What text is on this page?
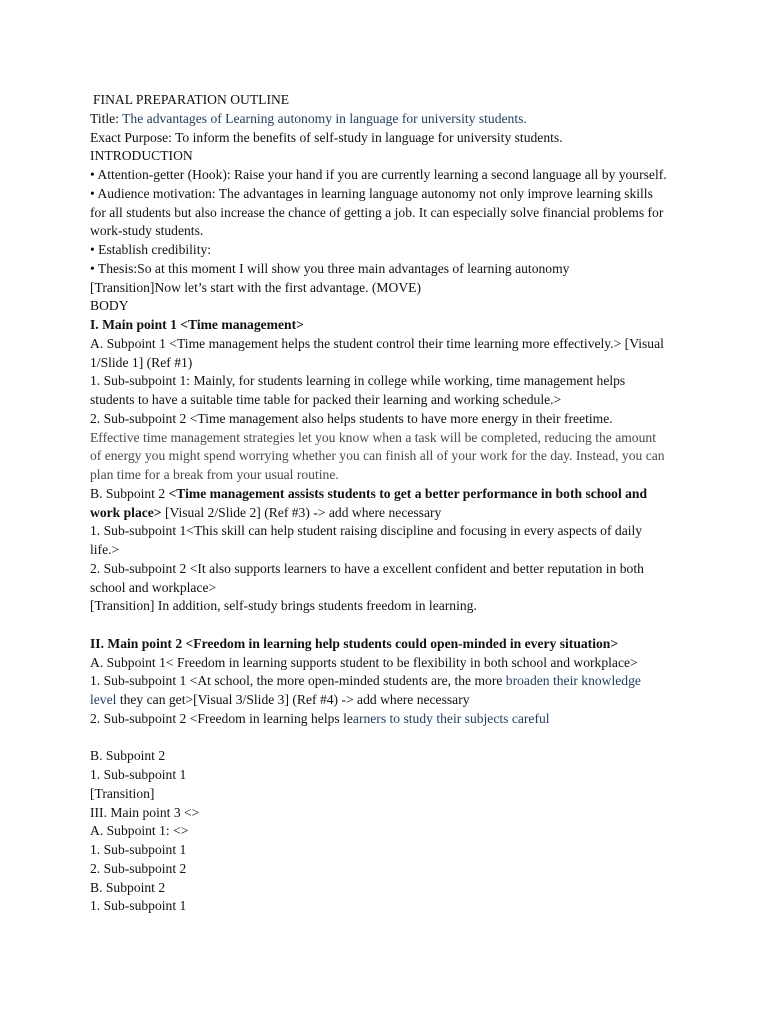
FINAL PREPARATION OUTLINE
Title: The advantages of Learning autonomy in language for university students.
Exact Purpose: To inform the benefits of self-study in language for university students.
INTRODUCTION
• Attention-getter (Hook): Raise your hand if you are currently learning a second language all by yourself.
• Audience motivation: The advantages in learning language autonomy not only improve learning skills
for all students but also increase the chance of getting a job. It can especially solve financial problems for
work-study students.
• Establish credibility:
• Thesis:So at this moment I will show you three main advantages of learning autonomy
[Transition]Now let’s start with the first advantage. (MOVE)
BODY
I. Main point 1 <Time management>
A. Subpoint 1 <Time management helps the student control their time learning more effectively.> [Visual
1/Slide 1] (Ref #1)
1. Sub-subpoint 1: Mainly, for students learning in college while working, time management helps
students to have a suitable time table for packed their learning and working schedule.>
2. Sub-subpoint 2 <Time management also helps students to have more energy in their freetime.
Effective time management strategies let you know when a task will be completed, reducing the amount
of energy you might spend worrying whether you can finish all of your work for the day. Instead, you can
plan time for a break from your usual routine.
B. Subpoint 2 <Time management assists students to get a better performance in both school and
work place> [Visual 2/Slide 2] (Ref #3) -> add where necessary
1. Sub-subpoint 1<This skill can help student raising discipline and focusing in every aspects of daily
life.>
2. Sub-subpoint 2 <It also supports learners to have a excellent confident and better reputation in both
school and workplace>
[Transition] In addition, self-study brings students freedom in learning.
II. Main point 2 <Freedom in learning help students could open-minded in every situation>
A. Subpoint 1< Freedom in learning supports student to be flexibility in both school and workplace>
1. Sub-subpoint 1 <At school, the more open-minded students are, the more broaden their knowledge
level they can get>[Visual 3/Slide 3] (Ref #4) -> add where necessary
2. Sub-subpoint 2 <Freedom in learning helps learners to study their subjects careful
B. Subpoint 2
1. Sub-subpoint 1
[Transition]
III. Main point 3 <>
A. Subpoint 1: <>
1. Sub-subpoint 1
2. Sub-subpoint 2
B. Subpoint 2
1. Sub-subpoint 1
